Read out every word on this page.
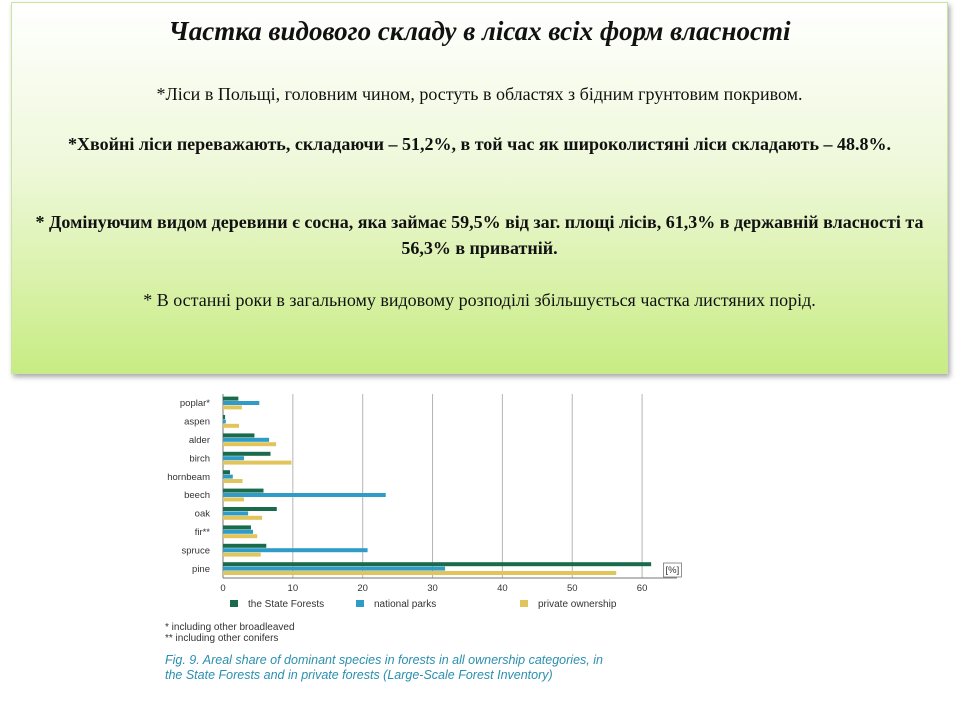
Частка видового складу в лісах всіх форм власності
*Ліси в Польщі, головним чином, ростуть в областях з бідним грунтовим покривом.
*Хвойні ліси переважають, складаючи – 51,2%, в той час як широколистяні ліси складають – 48.8%.
* Домінуючим видом деревини є сосна, яка займає 59,5% від заг. площі лісів, 61,3% в державній власності та 56,3% в приватній.
* В останні роки в загальному видовому розподілі збільшується частка листяних порід.
poplar*
aspen
alder
birch
hornbeam
beech
oak
fir**
spruce
pine
0	10	20	30	40	50	60
[%]
the State Forests	national parks	private ownership
* including other broadleaved
** including other conifers
Fig. 9. Areal share of dominant species in forests in all ownership categories, in
the State Forests and in private forests (Large-Scale Forest Inventory)
